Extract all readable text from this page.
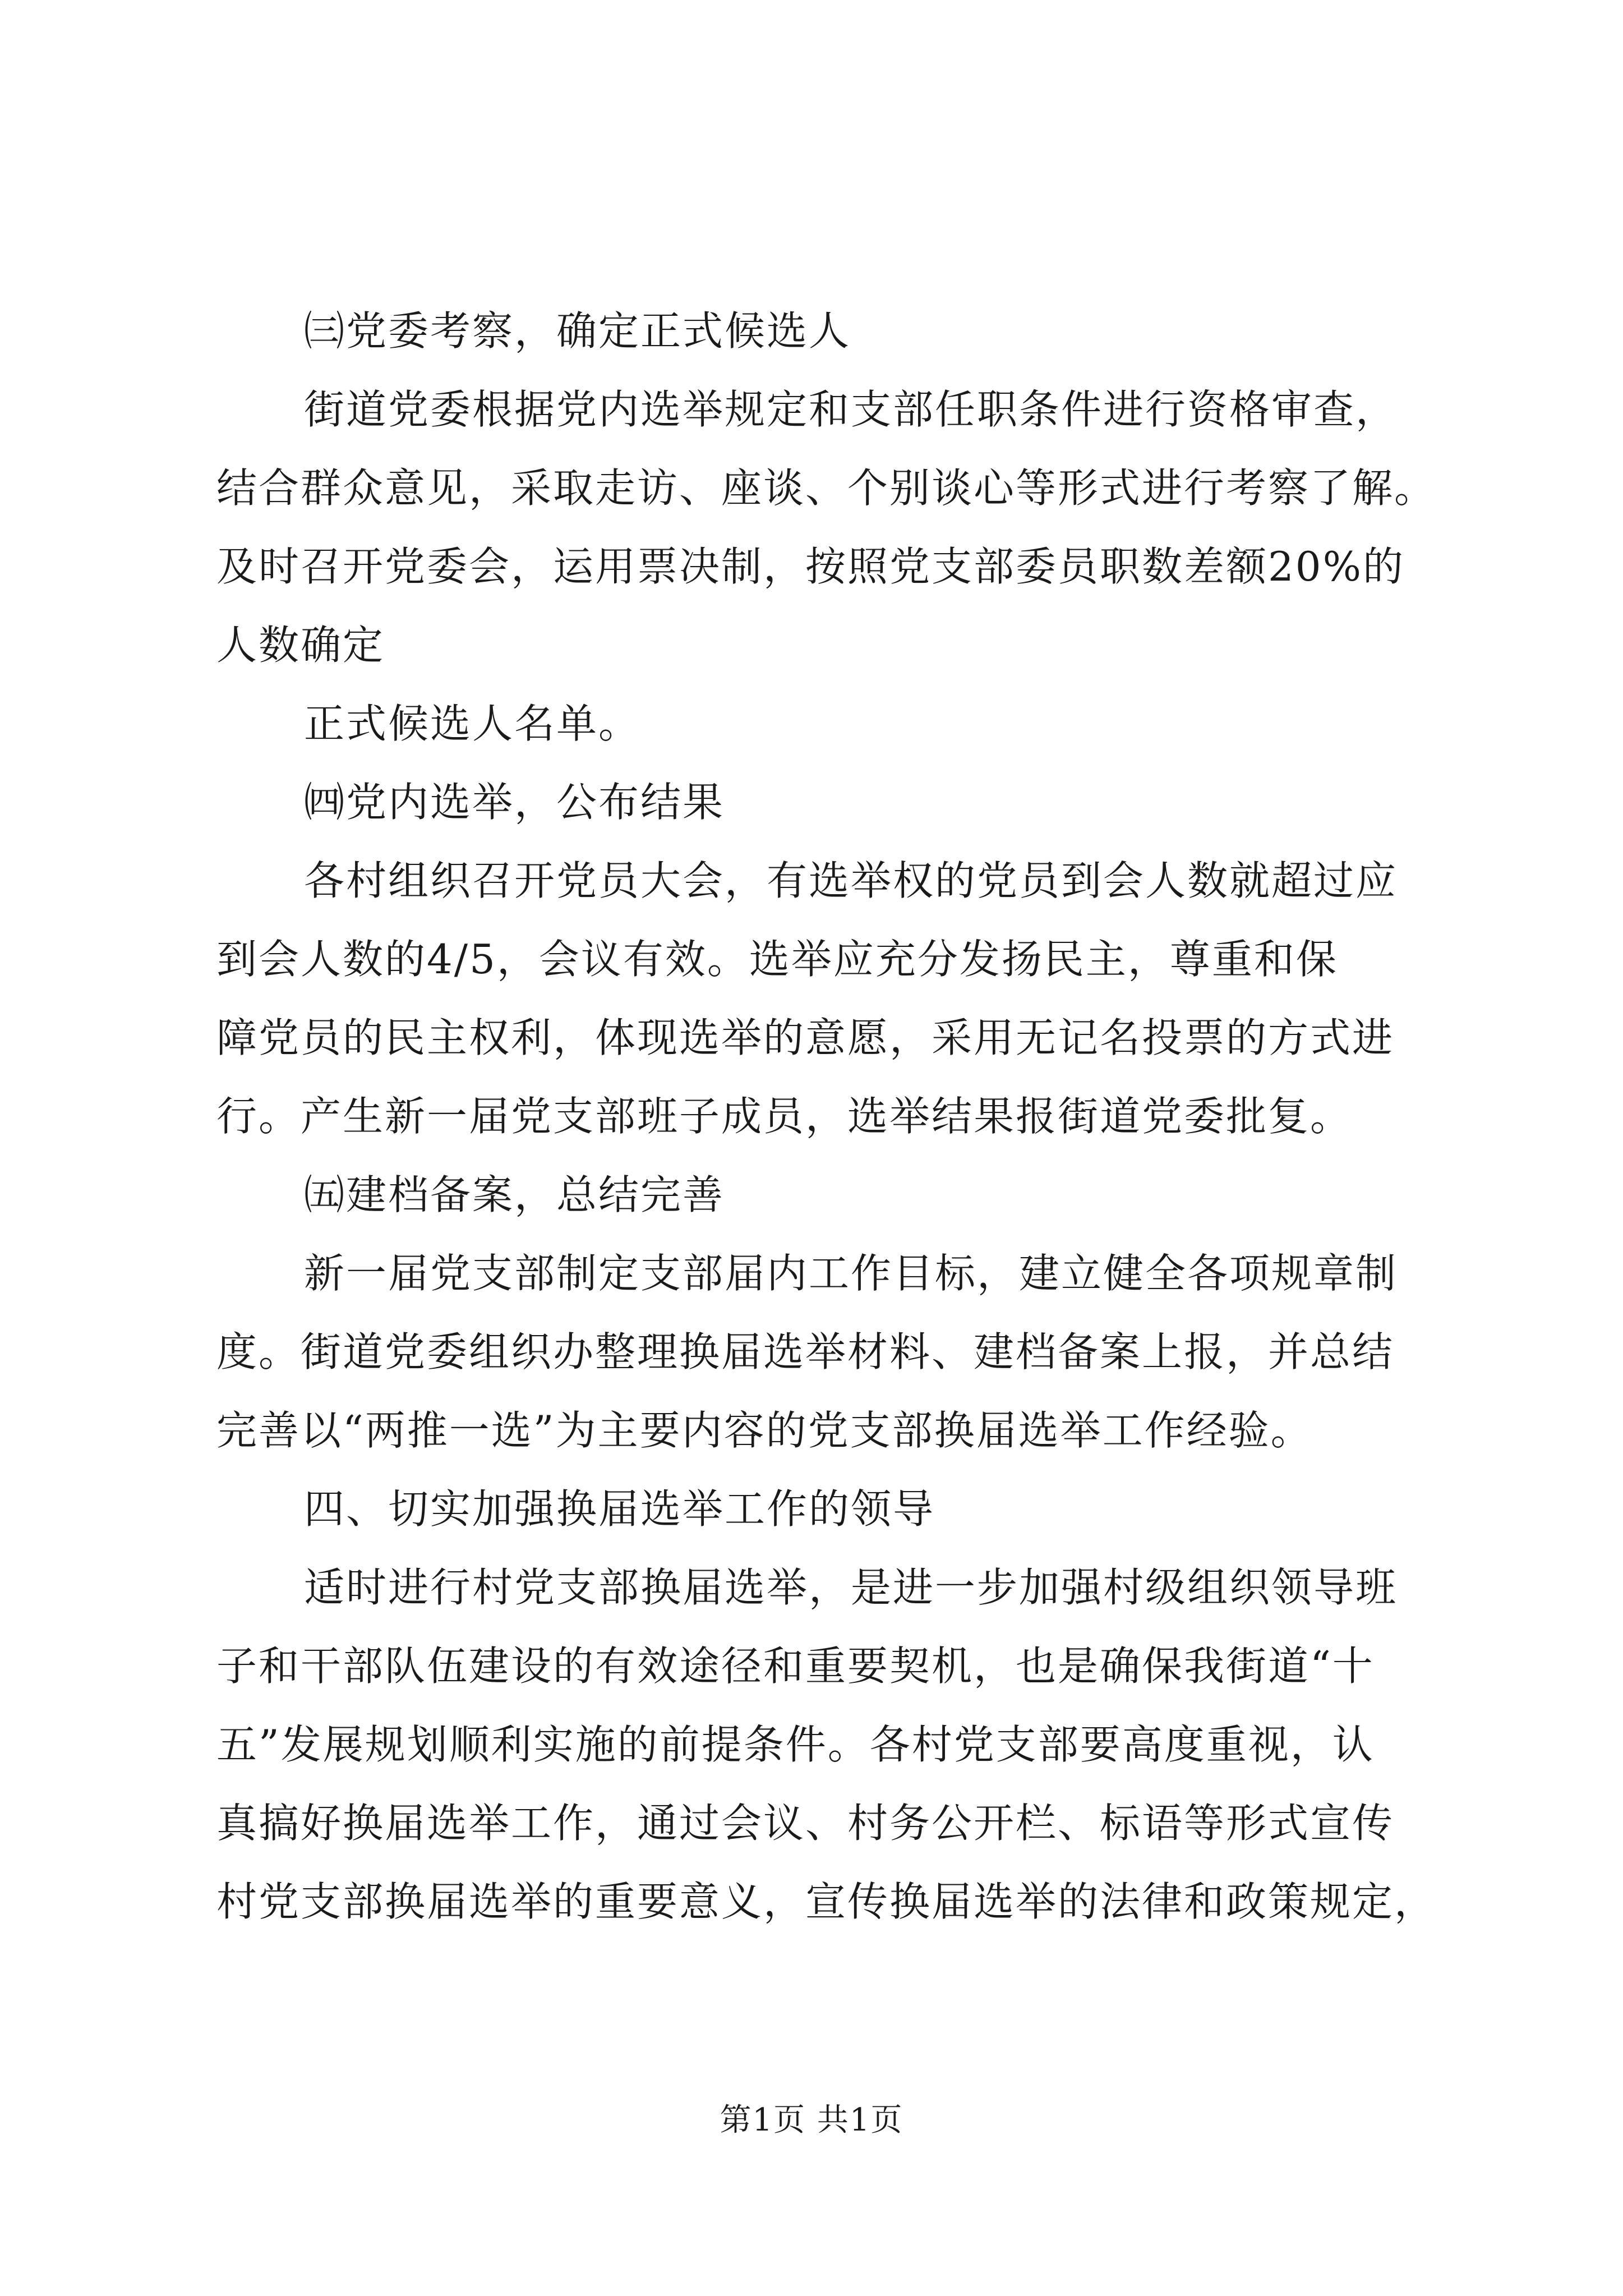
㈢党委考察，确定正式候选人
街道党委根据党内选举规定和支部任职条件进行资格审查，
结合群众意见，采取走访、座谈、个别谈心等形式进行考察了解。
及时召开党委会，运用票决制，按照党支部委员职数差额20%的
人数确定
正式候选人名单。
㈣党内选举，公布结果
各村组织召开党员大会，有选举权的党员到会人数就超过应
到会人数的4/5，会议有效。选举应充分发扬民主，尊重和保
障党员的民主权利，体现选举的意愿，采用无记名投票的方式进
行。产生新一届党支部班子成员，选举结果报街道党委批复。
㈤建档备案，总结完善
新一届党支部制定支部届内工作目标，建立健全各项规章制
度。街道党委组织办整理换届选举材料、建档备案上报，并总结
完善以“两推一选”为主要内容的党支部换届选举工作经验。
四、切实加强换届选举工作的领导
适时进行村党支部换届选举，是进一步加强村级组织领导班
子和干部队伍建设的有效途径和重要契机，也是确保我街道“十
五”发展规划顺利实施的前提条件。各村党支部要高度重视，认
真搞好换届选举工作，通过会议、村务公开栏、标语等形式宣传
村党支部换届选举的重要意义，宣传换届选举的法律和政策规定，
第1页 共1页
